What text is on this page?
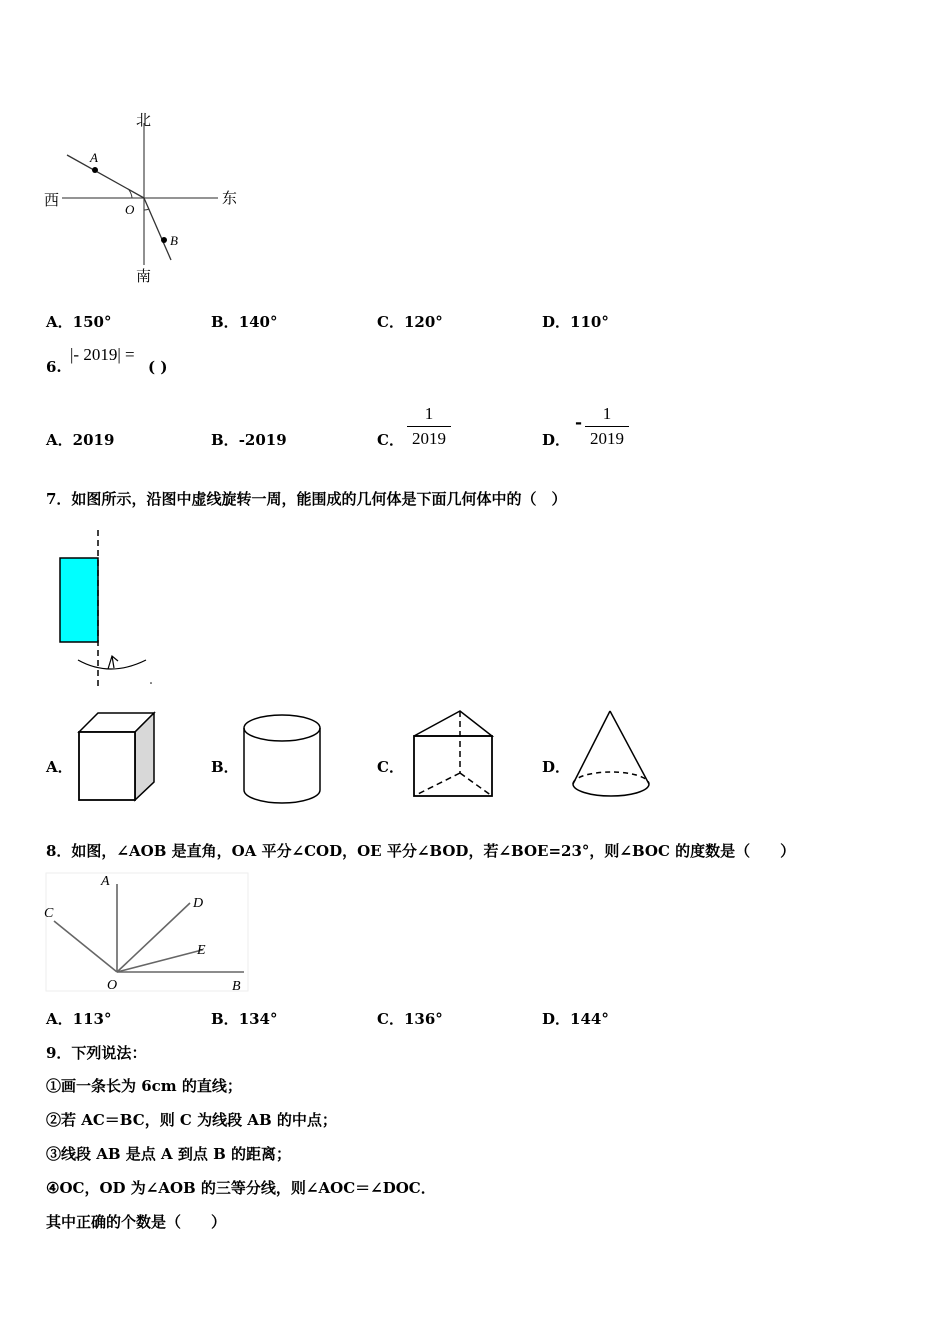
北
南
西	东
A
O
B
A．150°	B．140°	C．120°	D．110°
6.
|- 2019| =
( )
A．2019	B．-2019	C． $\frac{1}{2019}$	D．
- $\frac{1}{2019}$
7．如图所示，沿图中虚线旋转一周，能围成的几何体是下面几何体中的（　）
A．	B．	C．	D．
8．如图，∠AOB 是直角，OA 平分∠COD，OE 平分∠BOD，若∠BOE=23°，则∠BOC 的度数是（　　）
A
B
C
D
E
O
A．113°	B．134°	C．136°	D．144°
9．下列说法：
①画一条长为 6cm 的直线；
②若 AC＝BC，则 C 为线段 AB 的中点；
③线段 AB 是点 A 到点 B 的距离；
④OC，OD 为∠AOB 的三等分线，则∠AOC＝∠DOC．
其中正确的个数是（　　）
